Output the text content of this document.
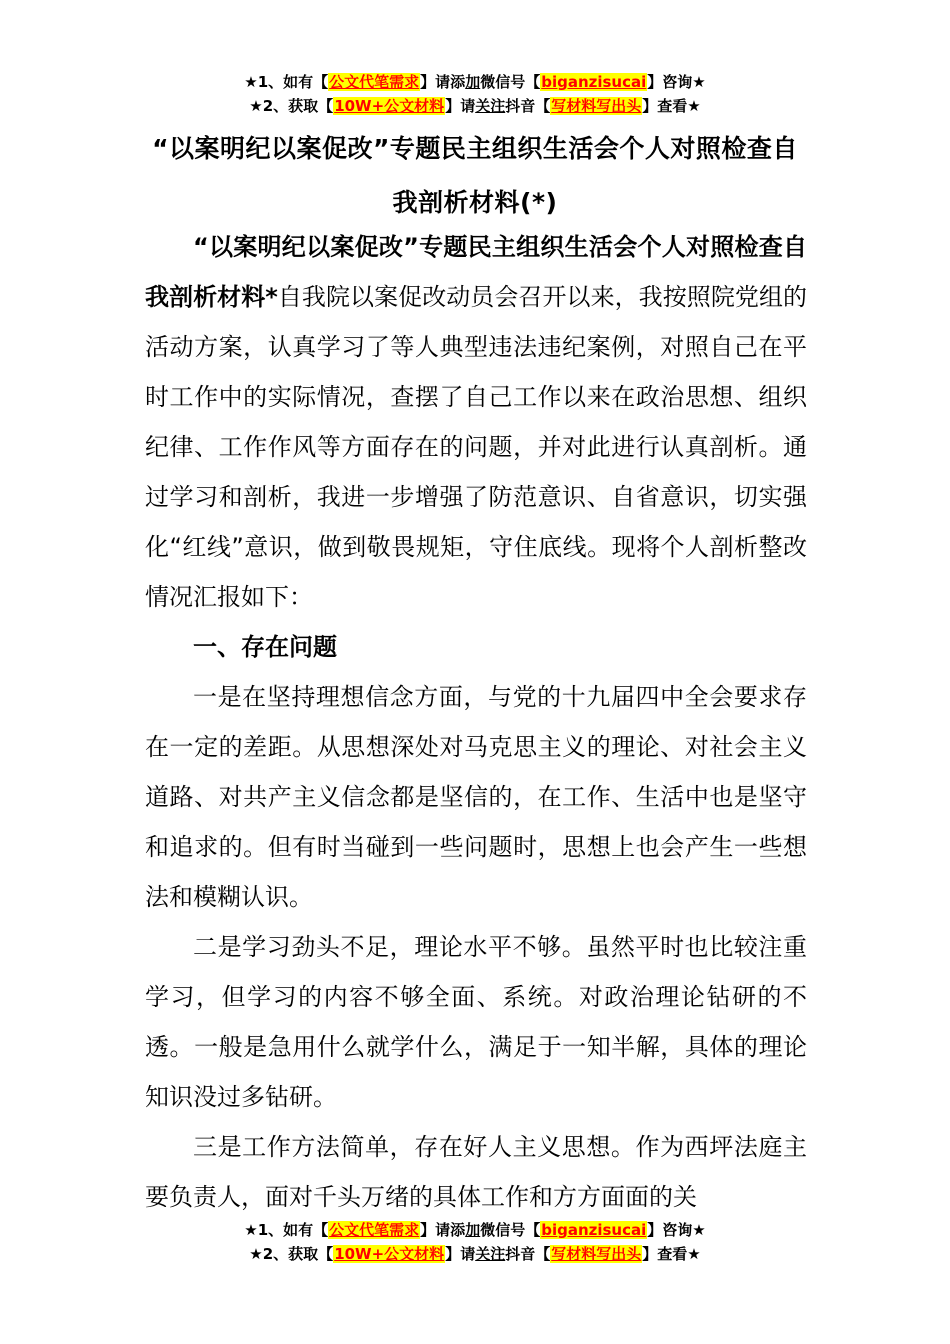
★1、如有【公文代笔需求】请添加微信号【biganzisucai】咨询★
★2、获取【10W+公文材料】请关注抖音【写材料写出头】查看★
“以案明纪以案促改”专题民主组织生活会个人对照检查自我剖析材料(*)

“以案明纪以案促改”专题民主组织生活会个人对照检查自我剖析材料*自我院以案促改动员会召开以来，我按照院党组的活动方案，认真学习了等人典型违法违纪案例，对照自己在平时工作中的实际情况，查摆了自己工作以来在政治思想、组织纪律、工作作风等方面存在的问题，并对此进行认真剖析。通过学习和剖析，我进一步增强了防范意识、自省意识，切实强化“红线”意识，做到敬畏规矩，守住底线。现将个人剖析整改情况汇报如下：

一、存在问题

一是在坚持理想信念方面，与党的十九届四中全会要求存在一定的差距。从思想深处对马克思主义的理论、对社会主义道路、对共产主义信念都是坚信的，在工作、生活中也是坚守和追求的。但有时当碰到一些问题时，思想上也会产生一些想法和模糊认识。

二是学习劲头不足，理论水平不够。虽然平时也比较注重学习，但学习的内容不够全面、系统。对政治理论钻研的不透。一般是急用什么就学什么，满足于一知半解，具体的理论知识没过多钻研。

三是工作方法简单，存在好人主义思想。作为西坪法庭主要负责人，面对千头万绪的具体工作和方方面面的关

★1、如有【公文代笔需求】请添加微信号【biganzisucai】咨询★
★2、获取【10W+公文材料】请关注抖音【写材料写出头】查看★
